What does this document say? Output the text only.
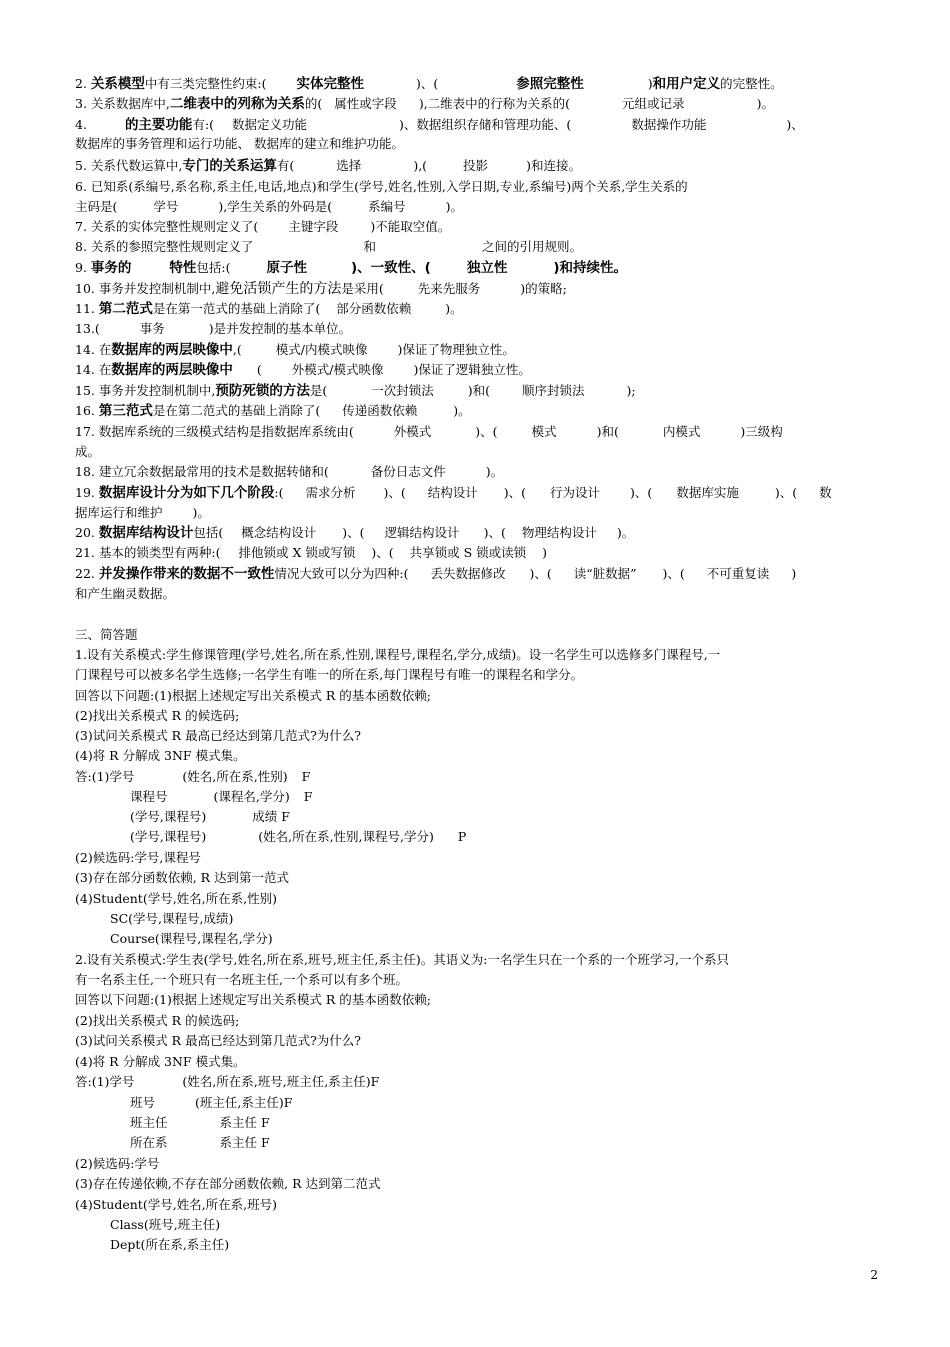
2. 关系模型中有三类完整性约束:( 实体完整性	)、(	参照完整性	)和用户定义的完整性。
3. 关系数据库中,二维表中的列称为关系的( 属性或字段 ),二维表中的行称为关系的(	元组或记录	)。
4.	的主要功能有:( 数据定义功能	)、数据组织存储和管理功能、(	数据操作功能	)、
数据库的事务管理和运行功能、 数据库的建立和维护功能。
5. 关系代数运算中,专门的关系运算有(	选择	),(	投影	)和连接。
6. 已知系(系编号,系名称,系主任,电话,地点)和学生(学号,姓名,性别,入学日期,专业,系编号)两个关系,学生关系的
主码是(	学号	),学生关系的外码是(	系编号	)。
7. 关系的实体完整性规则定义了( 主键字段	)不能取空值。
8. 关系的参照完整性规则定义了	和	之间的引用规则。
9. 事务的	特性包括:(	原子性	)、一致性、(	独立性	)和持续性。
10. 事务并发控制机制中,避免活锁产生的方法是采用(	先来先服务	)的策略;
11. 第二范式是在第一范式的基础上消除了( 部分函数依赖	)。
13.(	事务	)是并发控制的基本单位。
14. 在数据库的两层映像中,(	模式/内模式映像 )保证了物理独立性。
14. 在数据库的两层映像中 ( 外模式/模式映像 )保证了逻辑独立性。
15. 事务并发控制机制中,预防死锁的方法是(	一次封锁法	)和(	顺序封锁法	);
16. 第三范式是在第二范式的基础上消除了( 传递函数依赖	)。
17. 数据库系统的三级模式结构是指数据库系统由(	外模式	)、(	模式	)和(	内模式	)三级构
成。
18. 建立冗余数据最常用的技术是数据转储和(	备份日志文件	)。
19. 数据库设计分为如下几个阶段:( 需求分析 )、( 结构设计 )、( 行为设计 )、( 数据库实施	)、( 数
据库运行和维护 )。
20. 数据库结构设计包括( 概念结构设计 )、( 逻辑结构设计 )、( 物理结构设计 )。
21. 基本的锁类型有两种:( 排他锁或 X 锁或写锁 )、( 共享锁或 S 锁或读锁 )
22. 并发操作带来的数据不一致性情况大致可以分为四种:( 丢失数据修改 )、( 读“脏数据” )、( 不可重复读 )
和产生幽灵数据。
三、简答题
1.设有关系模式:学生修课管理(学号,姓名,所在系,性别,课程号,课程名,学分,成绩)。设一名学生可以选修多门课程号,一
门课程号可以被多名学生选修;一名学生有唯一的所在系,每门课程号有唯一的课程名和学分。
回答以下问题:(1)根据上述规定写出关系模式 R 的基本函数依赖;
(2)找出关系模式 R 的候选码;
(3)试问关系模式 R 最高已经达到第几范式?为什么?
(4)将 R 分解成 3NF 模式集。
答:(1)学号	(姓名,所在系,性别) F
课程号	(课程名,学分) F
(学号,课程号)	成绩 F
(学号,课程号)	(姓名,所在系,性别,课程号,学分) P
(2)候选码:学号,课程号
(3)存在部分函数依赖, R 达到第一范式
(4)Student(学号,姓名,所在系,性别)
SC(学号,课程号,成绩)
Course(课程号,课程名,学分)
2.设有关系模式:学生表(学号,姓名,所在系,班号,班主任,系主任)。其语义为:一名学生只在一个系的一个班学习,一个系只
有一名系主任,一个班只有一名班主任,一个系可以有多个班。
回答以下问题:(1)根据上述规定写出关系模式 R 的基本函数依赖;
(2)找出关系模式 R 的候选码;
(3)试问关系模式 R 最高已经达到第几范式?为什么?
(4)将 R 分解成 3NF 模式集。
答:(1)学号	(姓名,所在系,班号,班主任,系主任)F
班号	(班主任,系主任)F
班主任	系主任 F
所在系	系主任 F
(2)候选码:学号
(3)存在传递依赖,不存在部分函数依赖, R 达到第二范式
(4)Student(学号,姓名,所在系,班号)
Class(班号,班主任)
Dept(所在系,系主任)
2
